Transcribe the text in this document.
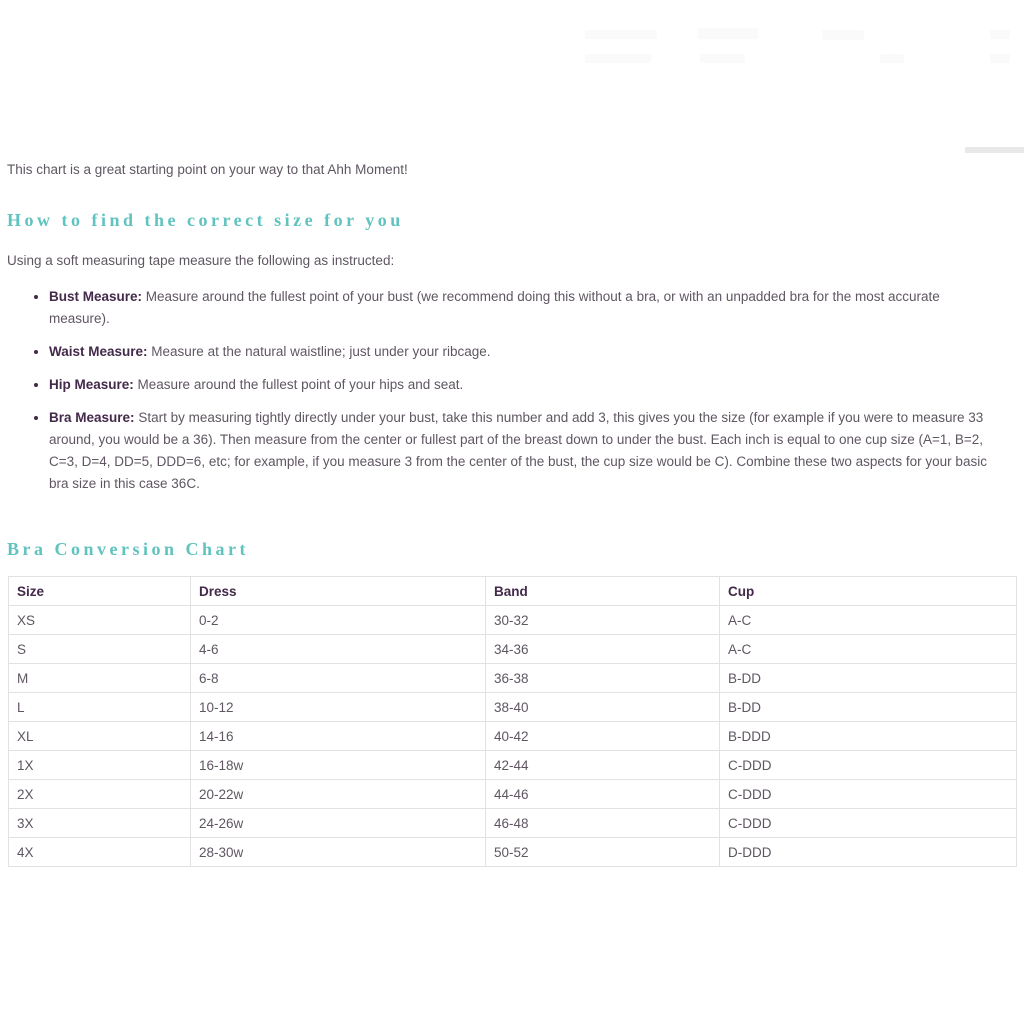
This chart is a great starting point on your way to that Ahh Moment!

How to find the correct size for you

Using a soft measuring tape measure the following as instructed:

Bust Measure: Measure around the fullest point of your bust (we recommend doing this without a bra, or with an unpadded bra for the most accurate measure).
Waist Measure: Measure at the natural waistline; just under your ribcage.
Hip Measure: Measure around the fullest point of your hips and seat.
Bra Measure: Start by measuring tightly directly under your bust, take this number and add 3, this gives you the size (for example if you were to measure 33 around, you would be a 36). Then measure from the center or fullest part of the breast down to under the bust. Each inch is equal to one cup size (A=1, B=2, C=3, D=4, DD=5, DDD=6, etc; for example, if you measure 3 from the center of the bust, the cup size would be C). Combine these two aspects for your basic bra size in this case 36C.
Bra Conversion Chart
Size	Dress	Band	Cup
XS	0-2	30-32	A-C
S	4-6	34-36	A-C
M	6-8	36-38	B-DD
L	10-12	38-40	B-DD
XL	14-16	40-42	B-DDD
1X	16-18w	42-44	C-DDD
2X	20-22w	44-46	C-DDD
3X	24-26w	46-48	C-DDD
4X	28-30w	50-52	D-DDD
